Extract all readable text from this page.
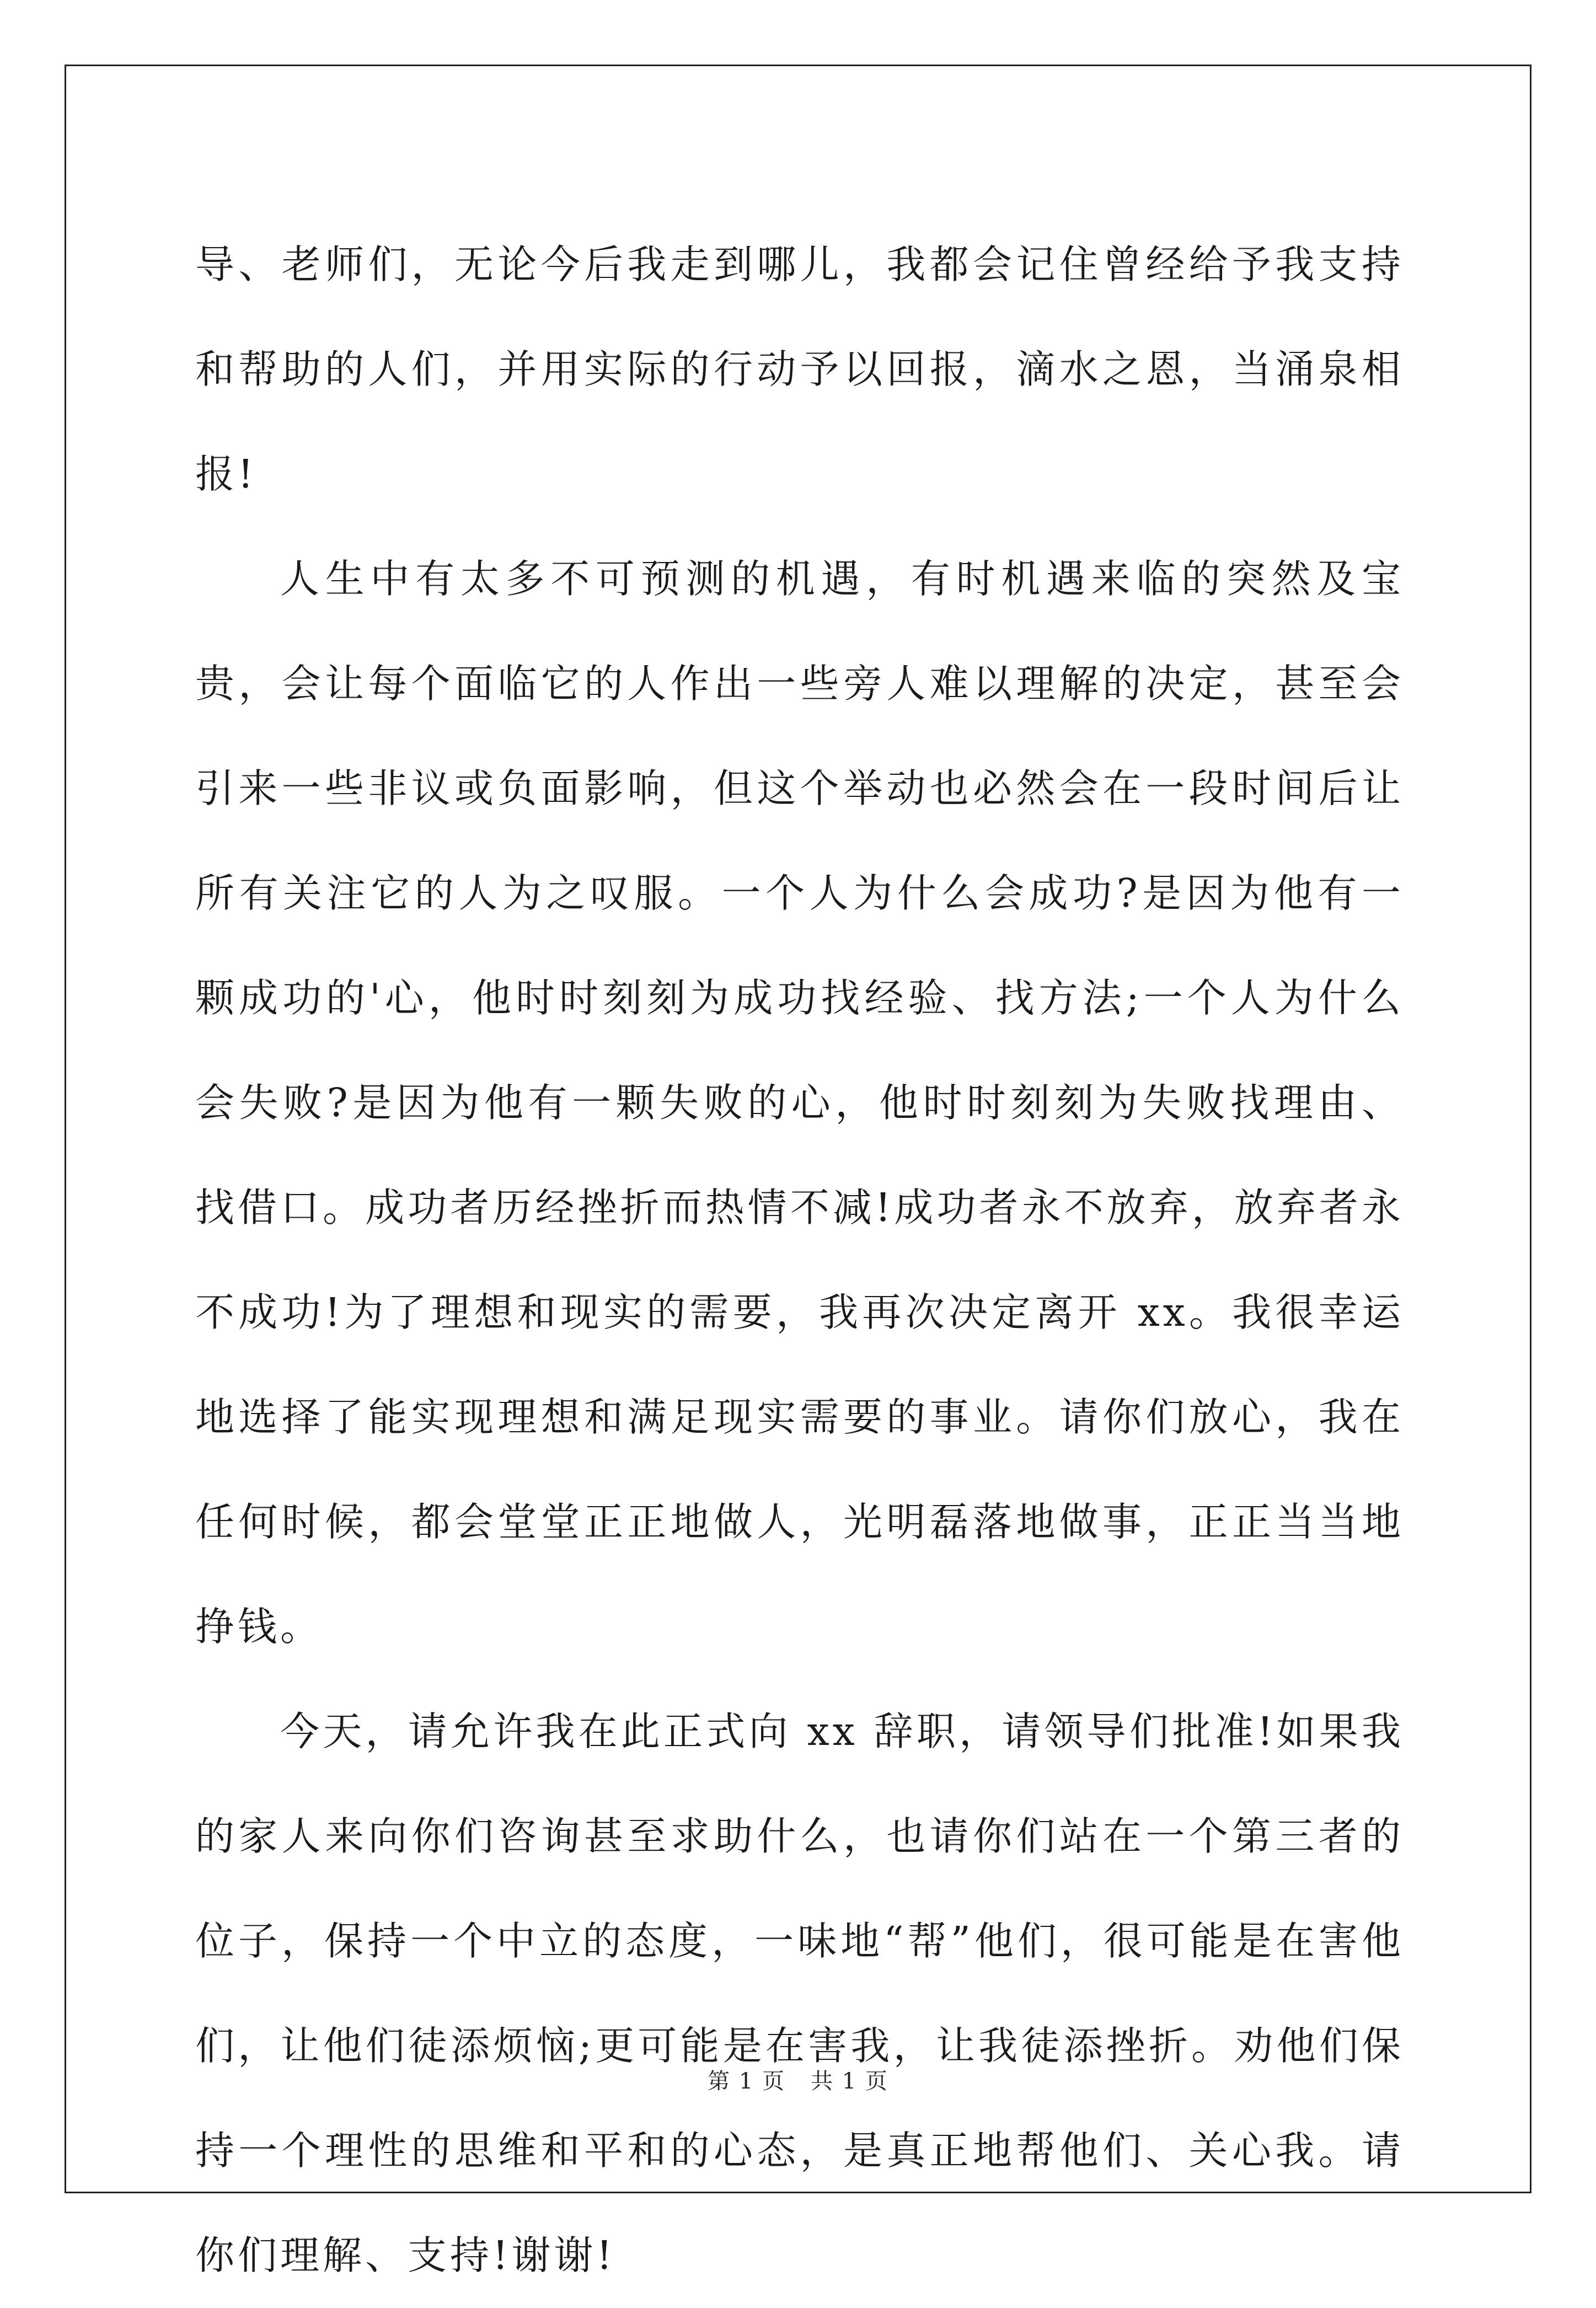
导、老师们，无论今后我走到哪儿，我都会记住曾经给予我支持和帮助的人们，并用实际的行动予以回报，滴水之恩，当涌泉相报!

人生中有太多不可预测的机遇，有时机遇来临的突然及宝贵，会让每个面临它的人作出一些旁人难以理解的决定，甚至会引来一些非议或负面影响，但这个举动也必然会在一段时间后让所有关注它的人为之叹服。一个人为什么会成功?是因为他有一颗成功的'心，他时时刻刻为成功找经验、找方法;一个人为什么会失败?是因为他有一颗失败的心，他时时刻刻为失败找理由、找借口。成功者历经挫折而热情不减!成功者永不放弃，放弃者永不成功!为了理想和现实的需要，我再次决定离开 xx。我很幸运地选择了能实现理想和满足现实需要的事业。请你们放心，我在任何时候，都会堂堂正正地做人，光明磊落地做事，正正当当地挣钱。

今天，请允许我在此正式向 xx 辞职，请领导们批准!如果我的家人来向你们咨询甚至求助什么，也请你们站在一个第三者的位子，保持一个中立的态度，一味地“帮”他们，很可能是在害他们，让他们徒添烦恼;更可能是在害我，让我徒添挫折。劝他们保持一个理性的思维和平和的心态，是真正地帮他们、关心我。请你们理解、支持!谢谢!

第 1 页 共 1 页
